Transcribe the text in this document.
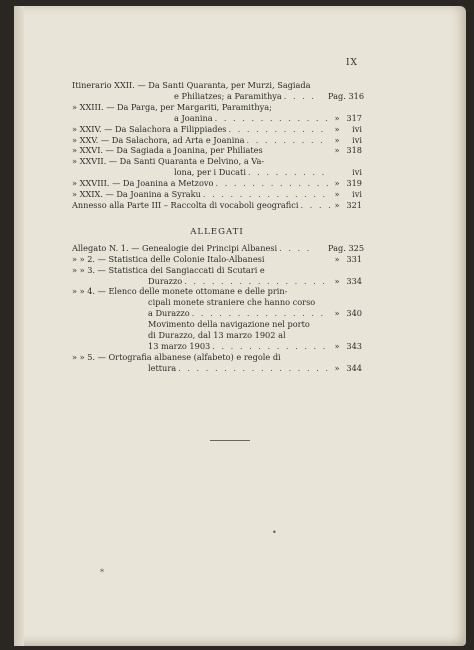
IX
Itinerario XXII. — Da Santi Quaranta, per Murzi, Sagiada
e Philiatzes; a Paramithya . . .	Pag. 316
» XXIII. — Da Parga, per Margariti, Paramithya;
a Joanina . . .	» 317
» XXIV. — Da Salachora a Filippiades . . .	»	ivi
» XXV. — Da Salachora, ad Arta e Joanina . . .	»	ivi
» XXVI. — Da Sagiada a Joanina, per Philiates	» 318
» XXVII. — Da Santi Quaranta e Delvino, a Va-
lona, per i Ducati . . .	ivi
» XXVIII. — Da Joanina a Metzovo . . .	» 319
» XXIX. — Da Joanina a Syraku . . .	»	ivi
Annesso alla Parte III – Raccolta di vocaboli geografici . . .	» 321
ALLEGATI
Allegato N. 1. — Genealogie dei Principi Albanesi . . .	Pag. 325
» » 2. — Statistica delle Colonie Italo-Albanesi	» 331
» » 3. — Statistica dei Sangiaccati di Scutari e
Durazzo . . .	» 334
» » 4. — Elenco delle monete ottomane e delle prin-
cipali monete straniere che hanno corso
a Durazzo . . .	» 340
Movimento della navigazione nel porto
di Durazzo, dal 13 marzo 1902 al
13 marzo 1903 . . .	» 343
» » 5. — Ortografia albanese (alfabeto) e regole di
lettura . . .	» 344
•
*
